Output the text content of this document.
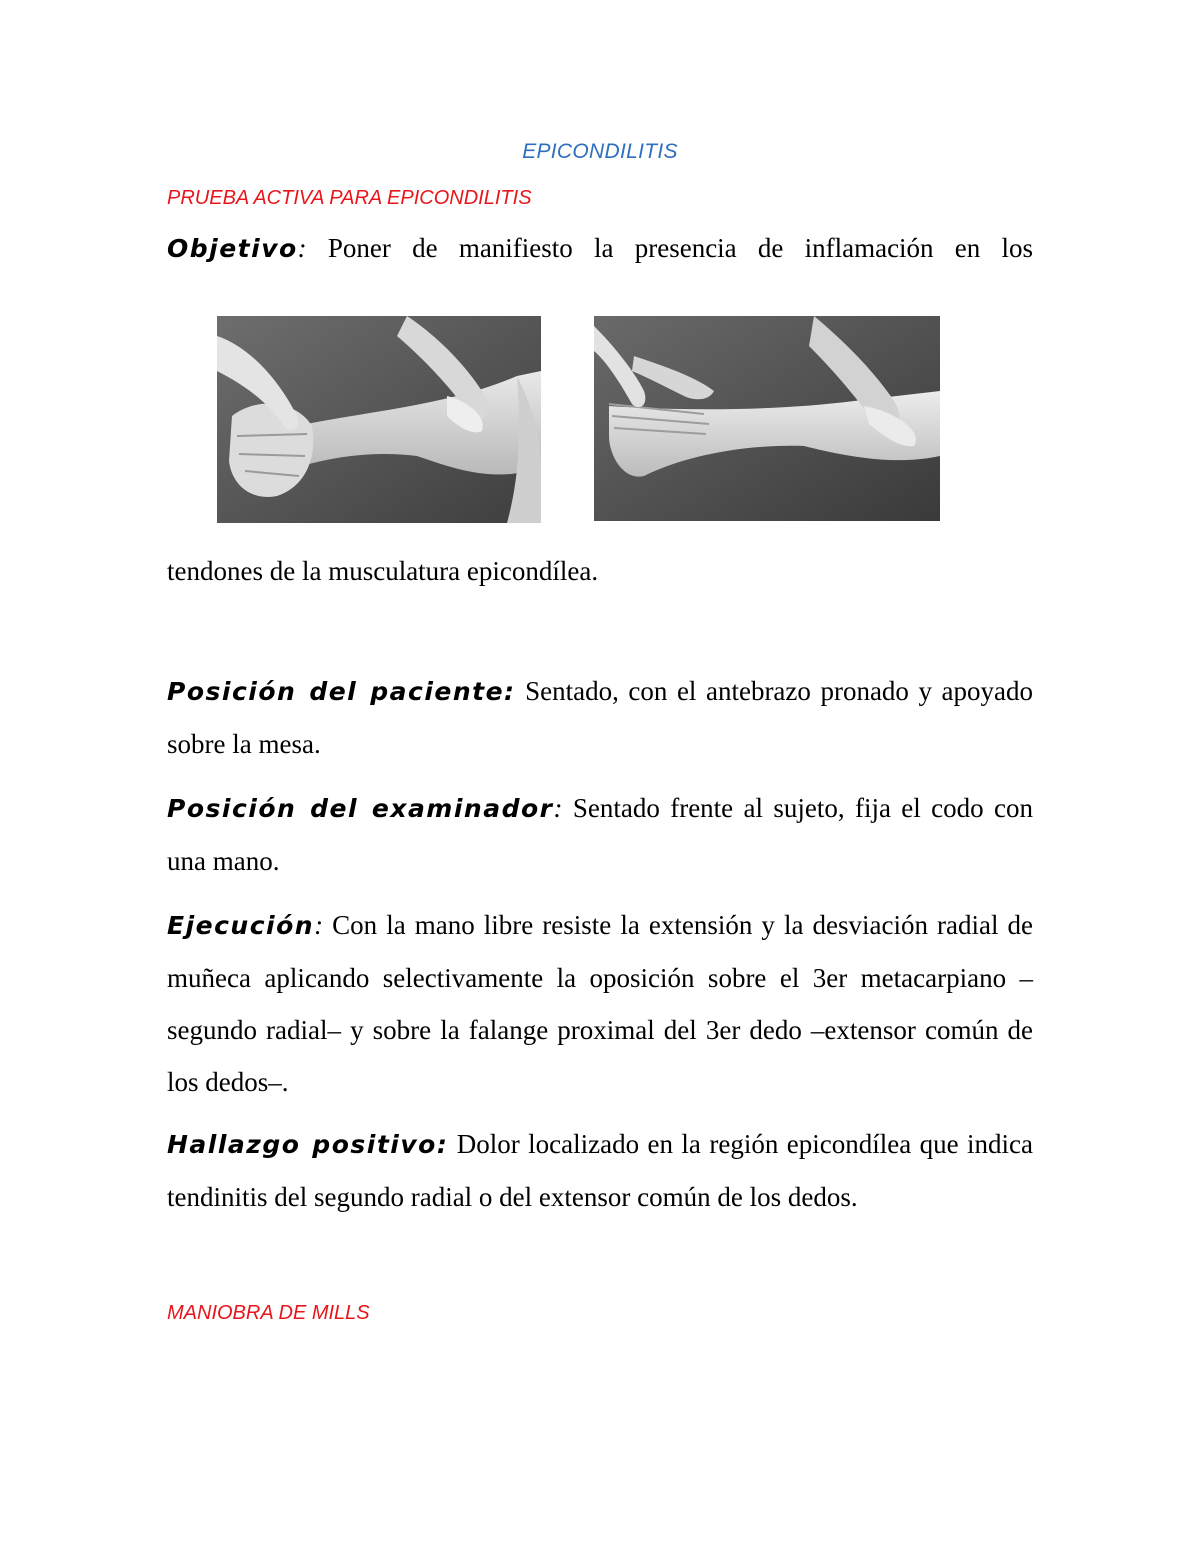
EPICONDILITIS
PRUEBA ACTIVA PARA EPICONDILITIS
Objetivo: Poner de manifiesto la presencia de inflamación en los
tendones de la musculatura epicondílea.
Posición del paciente: Sentado, con el antebrazo pronado y apoyado sobre la mesa.
Posición del examinador: Sentado frente al sujeto, fija el codo con una mano.
Ejecución: Con la mano libre resiste la extensión y la desviación radial de muñeca aplicando selectivamente la oposición sobre el 3er metacarpiano –segundo radial– y sobre la falange proximal del 3er dedo –extensor común de los dedos–.
Hallazgo positivo: Dolor localizado en la región epicondílea que indica tendinitis del segundo radial o del extensor común de los dedos.
MANIOBRA DE MILLS
